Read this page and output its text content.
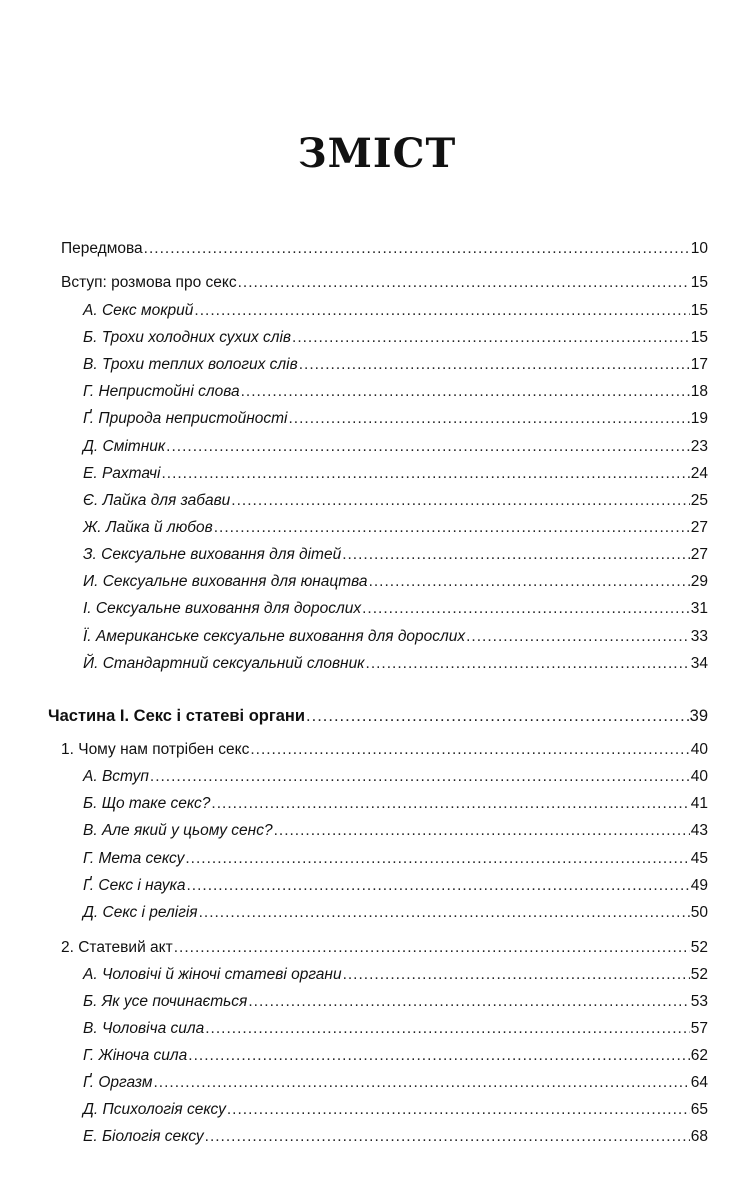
ЗМІСТ
Передмова .....	10
Вступ: розмова про секс .....	15
А. Секс мокрий .....	15
Б. Трохи холодних сухих слів .....	15
В. Трохи теплих вологих слів .....	17
Г. Непристойні слова .....	18
Ґ. Природа непристойності .....	19
Д. Смітник .....	23
Е. Рахтачі .....	24
Є. Лайка для забави .....	25
Ж. Лайка й любов .....	27
З. Сексуальне виховання для дітей .....	27
И. Сексуальне виховання для юнацтва .....	29
І. Сексуальне виховання для дорослих .....	31
Ї. Американське сексуальне виховання для дорослих .....	33
Й. Стандартний сексуальний словник .....	34
Частина І. Секс і статеві органи .....	39
1. Чому нам потрібен секс .....	40
А. Вступ .....	40
Б. Що таке секс? .....	41
В. Але який у цьому сенс? .....	43
Г. Мета сексу .....	45
Ґ. Секс і наука .....	49
Д. Секс і релігія .....	50
2. Статевий акт .....	52
А. Чоловічі й жіночі статеві органи .....	52
Б. Як усе починається .....	53
В. Чоловіча сила .....	57
Г. Жіноча сила .....	62
Ґ. Оргазм .....	64
Д. Психологія сексу .....	65
Е. Біологія сексу .....	68
